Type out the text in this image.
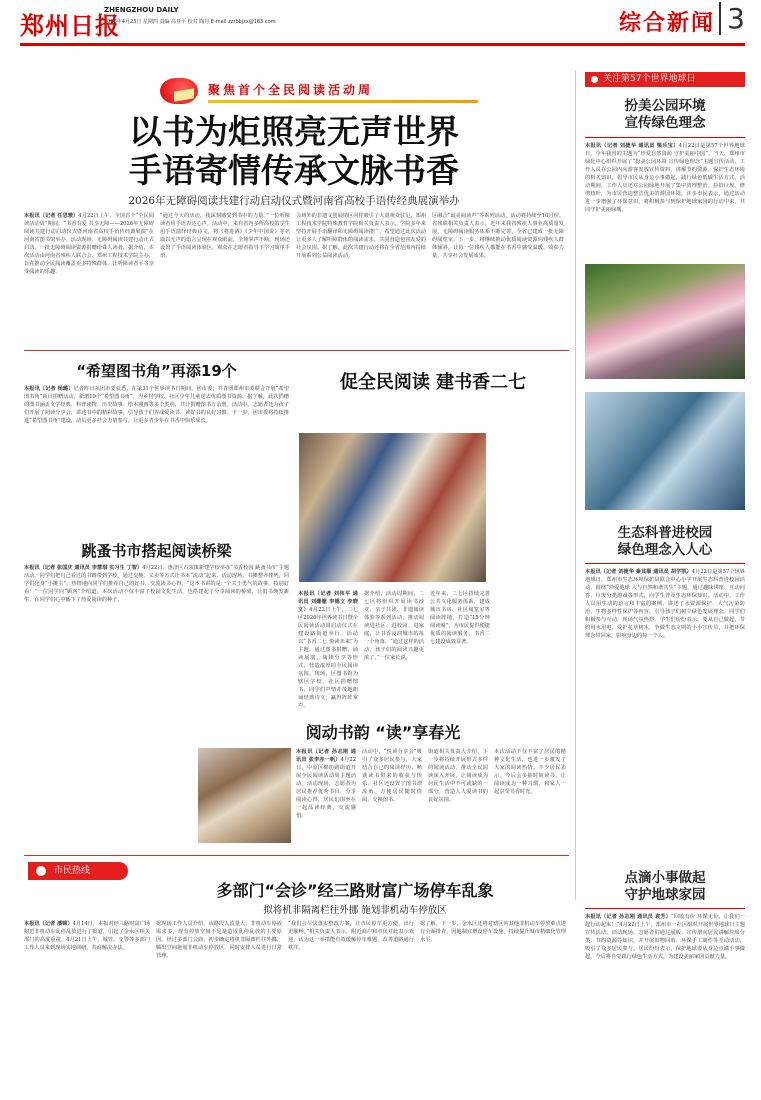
郑州日报
ZHENGZHOU DAILY
2026年4月23日 星期四 责编 高亚平 校对 陶丹 E-mail zzrbbjzx@163.com	综合新闻 3
聚焦首个全民阅读活动周
以书为炬照亮无声世界
手语寄情传承文脉书香
2026年无障碍阅读共建行动启动仪式暨河南省高校手语传经典展演举办
本报讯（记者 任思雅）4月22日上午，全国首个“全民阅读活动周”期间，“书香有爱 共享无障——2026年无障碍阅读共建行动启动仪式暨河南省高校手语传经典展演”在河南省图书馆举办。活动现场，无障碍阅读共建行动正式启动，一批无障碍阅读资源捐赠给聋人读者。据介绍，本次活动由河南省残疾人联合会、郑州工程技术学院主办，旨在推动全民阅读覆盖更多特殊群体，让听障读者平等享受阅读的乐趣。
“通过今天的活动，我深刻感受到书中的力量。”一位听障读者用手语表达心声。活动中，来自省内多所高校的学生用手语演绎经典诗文，将《将进酒》《少年中国说》等名篇以无声的语言呈现在观众眼前，全场掌声不断。现场还设置了手语阅读体验区，观众在志愿者指导下学习简单手语。
会场外的非遗文创展销区同样吸引了大量观众驻足。郑州工程技术学院特殊教育学院相关负责人表示，学院多年来坚持开展手语翻译和无障碍阅读推广，希望通过此次活动让更多人了解听障群体的阅读需求，共同营造包容友爱的社会氛围。据了解，此次共建行动还将在全省范围内持续开展系列公益阅读活动。
区融合“最美阅读声”等系列活动，活动将持续至10月份。省残联相关负责人表示，近年来我省残疾人事业高质量发展，无障碍阅读服务体系不断完善，全省已建成一批无障碍阅览室。下一步，将继续推动优质阅读资源向残疾人群体倾斜，让每一位残疾人都能在书香中感受温暖、收获力量，共享社会发展成果。
关注第57个世界地球日
扮美公园环境
宣传绿色理念
本报讯（记者 刘捷华 通讯员 梁乐宝）4月22日是第57个世界地球日，今年我国的主题为“珍爱自然资源 守护美丽中国”。当天，郑州市绿化中心组织开展了“扮美公园环境 宣传绿色理念”主题宣传活动，工作人员在公园内向游客发放宣传资料，讲解节约资源、保护生态环境的相关知识，倡导市民从身边小事做起，践行绿色低碳生活方式。活动期间，工作人员还对公园绿地开展了集中清理整治，捡拾垃圾、修剪枝叶，为市民营造整洁优美的游园环境。许多市民表示，通过活动进一步增强了环保意识，将积极参与到保护地球家园的行动中来，共同守护美丽绿城。
生态科普进校园
绿色理念入人心
本报讯（记者 刘捷华 秦其顺 通讯员 胡学凯）4月22日是第57个世界地球日，郑州市生态环境保护局联合中心小学开展生态科普进校园活动，围绕“珍爱地球 人与自然和谐共生”主题，通过趣味讲座、互动问答、垃圾分类游戏等形式，向学生普及生态环保知识。活动中，工作人员用生动的语言和丰富的案例，讲述了水资源保护、大气污染防治、生物多样性保护等内容，引导孩子们树立绿色发展理念。同学们积极参与互动，现场气氛热烈。学生们纷纷表示，要从自己做起，节约用水用电，爱护花草树木，争做生态文明的小小宣传员，并把环保理念带回家，影响身边的每一个人。
点滴小事做起
守护地球家园
本报讯（记者 孙志刚 通讯员 袁芳）“回收有价 环保无价，让我们一起行动起来！”4月22日上午，郑州市一社区组织开展世界地球日主题宣传活动。活动现场，志愿者们通过展板、宣传册向居民讲解垃圾分类、节约资源等知识，并开展旧物回收、环保手工制作等互动活动，吸引了众多居民参与。居民纷纷表示，保护地球要从身边点滴小事做起，今后将自觉践行绿色生活方式，为建设美丽家园贡献力量。
“希望图书角”再添19个
本报讯（记者 杨璐）记者昨日从团市委获悉，在第31个世界读书日期间，团市委、共青团郑州市委联合开展“希望图书角”项目捐赠活动，新增19个“希望图书角”，为乡村学校、社区少年儿童送去优质图书资源。据了解，此次捐赠的图书涵盖文学经典、科普读物、历史故事、绘本漫画等多个类别，共计捐赠图书万余册。活动中，志愿者还为孩子们开展了阅读分享会，讲述书中的精彩故事，引导孩子们养成爱读书、读好书的良好习惯。下一步，团市委将持续推进“希望图书角”建设，动员更多社会力量参与，让更多青少年在书香中快乐成长。
跳蚤书市搭起阅读桥梁
本报讯（记者 张国庆 通讯员 李慧琪 实习生 丁智）4月22日，惠济区古荥镇新建学校举办“书香校园 跳蚤书市”主题活动，同学们把自己看过的书籍带到学校，通过交换、义卖等方式让书本“流动”起来。活动现场，书摊整齐排列，同学们化身“小摊主”，热情地向同学们推荐自己的好书，交流读书心得。“这本书讲的是一个关于勇气的故事，特别好看！”一位同学向“顾客”介绍道。本次活动不仅丰富了校园文化生活，也搭建起了分享阅读的桥梁，让旧书焕发新生，在同学们心中播下了热爱阅读的种子。
促全民阅读 建书香二七
本报讯（记者 刘伟平 通讯员 刘姗姗 李德文 李晓文）4月22日上午，二七区2026年世界读书日暨全民阅读活动周启动仪式在建设路街道举行。活动以“书香二七 悦读未来”为主题，通过图书捐赠、诵读展演、阅读分享等形式，营造浓厚的全民阅读氛围。现场，区图书馆为辖区学校、社区捐赠图书，同学们声情并茂地朗诵经典诗文，赢得阵阵掌声。
据介绍，活动周期间，二七区将组织开展读书沙龙、亲子共读、非遗阅读体验等系列活动，推动阅读进社区、进校园、进家庭，让书香浸润城市的每一个角落。“通过这样的活动，孩子们的阅读兴趣更浓了。”一位家长说。
近年来，二七区持续完善公共文化服务体系，建成城市书房、社区阅览室等阅读阵地，打造“15分钟阅读圈”，为市民提供便捷优质的阅读服务，书香二七建设成效显著。
阅动书韵 “读”享春光
本报讯（记者 孙志刚 通讯员 张李赤一帆）4月22日，中原区棉纺路街道开展全民阅读活动周主题活动。活动现场，志愿者为居民推荐优秀书目，分享阅读心得，居民们围坐在一起品读经典，交流感悟。
活动中，“悦读分享会”吸引了众多居民参与，大家结合自己的阅读经历，畅谈读书带来的收获与快乐。社区还设置了图书漂流角，方便居民随时借阅、交换图书。
街道相关负责人介绍，下一步将持续开展形式多样的阅读活动，推动全民阅读深入开展，让阅读成为居民生活中不可或缺的一部分，营造人人爱读书的良好氛围。
本次活动不仅丰富了居民的精神文化生活，也进一步激发了大家的阅读热情。不少居民表示，今后会多抽时间读书，让阅读成为一种习惯，和家人一起享受书香时光。
市民热线
多部门“会诊”经三路财富广场停车乱象
拟将机非隔离栏往外挪 施划非机动车停放区
本报讯（记者 潘锦）4月14日，本报对经三路财富广场附近非机动车乱停乱放进行了报道，引起了金水区相关部门的高度重视。4月21日上午，城管、交警等多部门工作人员来到现场实地调研，共商解决办法。
据现场工作人员介绍，该路段人流量大，非机动车停放需求多，现有停放空间不足是造成乱停乱放的主要原因。经过多部门会商，初步确定将机非隔离栏往外挪，腾出空间施划非机动车停放区，同时安排人员进行日常管理。
“我们会尽快落实整改方案，让市民停车更方便、出行更顺畅。”相关负责人表示。附近商户和市民对此表示欢迎，认为这一举措能有效缓解停车难题，改善道路通行秩序。
据了解，下一步，金水区还将对辖区内其他非机动车停放难点进行全面排查，因地制宜增设停车设施，持续提升城市精细化管理水平。
